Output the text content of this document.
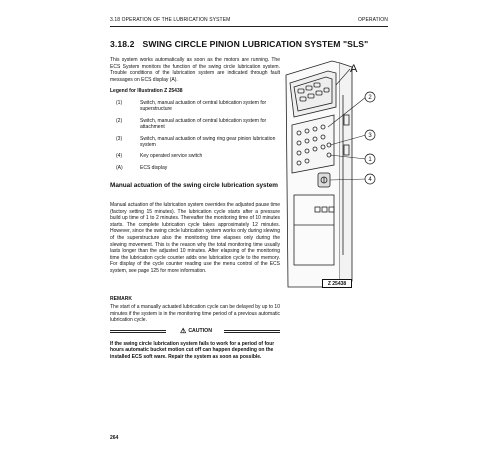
3.18 OPERATION OF THE LUBRICATION SYSTEM	OPERATION
3.18.2 SWING CIRCLE PINION LUBRICATION SYSTEM "SLS"
This system works automatically as soon as the motors are running. The ECS System monitors the function of the swing circle lubrication system. Trouble conditions of the lubrication system are indicated through fault messages on ECS display (A).
Legend for Illustration Z 25438
(1)	Switch, manual actuation of central lubrication system for superstructure
(2)	Switch, manual actuation of central lubrication system for attachment
(3)	Switch, manual actuation of swing ring gear pinion lubrication system
(4)	Key operated service switch
(A)	ECS display
Manual actuation of the swing circle lubrication system
Manual actuation of the lubrication system overrides the adjusted pause time (factory setting 15 minutes). The lubrication cycle starts after a pressure build up time of 1 to 2 minutes. Thereafter the monitoring time of 10 minutes starts. The complete lubrication cycle takes approximately 12 minutes. However, since the swing circle lubrication system works only during slewing of the superstructure also the monitoring time elapses only during the slewing movement. This is the reason why the total monitoring time usually lasts longer than the adjusted 10 minutes. After elapsing of the monitoring time the lubrication cycle counter adds one lubrication cycle to the memory. For display of the cycle counter reading use the menu control of the ECS system, see page 125 for more information.
REMARK
The start of a manually actuated lubrication cycle can be delayed by up to 10 minutes if the system is in the monitoring time period of a previous automatic lubrication cycle.
⚠ CAUTION
If the swing circle lubrication system fails to work for a period of four hours automatic bucket motion cut off can happen depending on the installed ECS soft ware. Repair the system as soon as possible.
264
A
2
3
1
4
Z 25438
